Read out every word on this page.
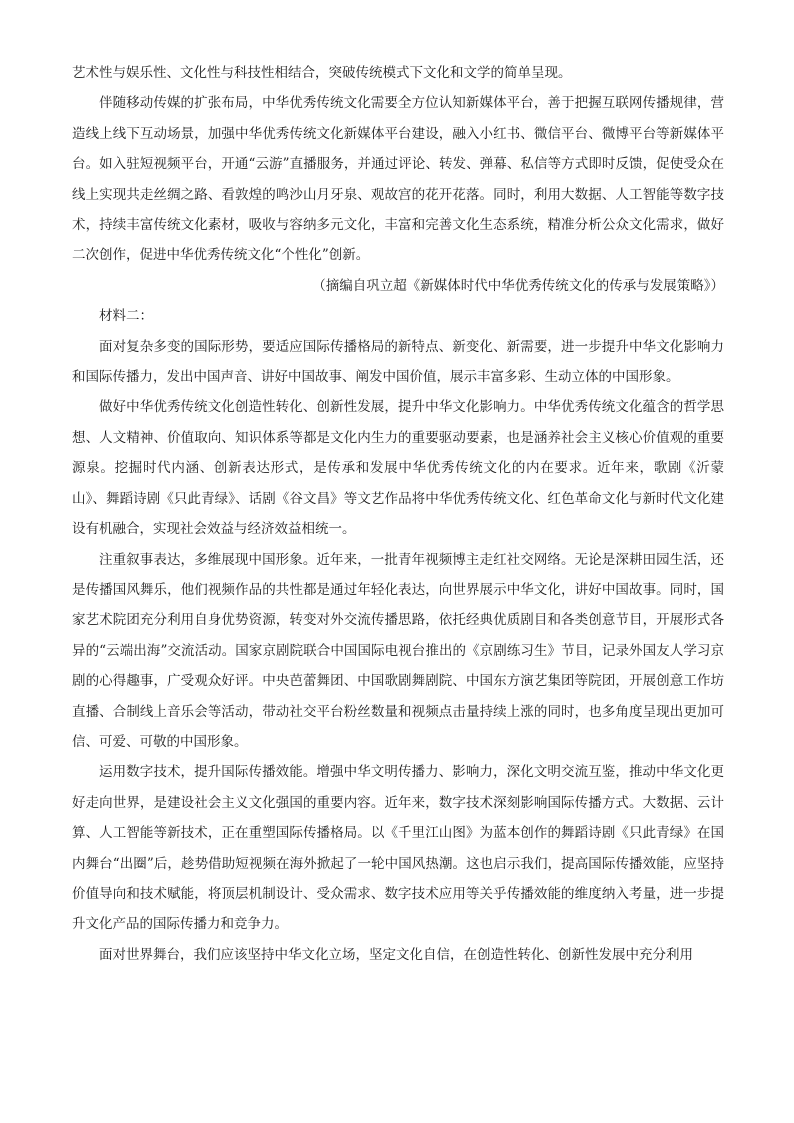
艺术性与娱乐性、文化性与科技性相结合，突破传统模式下文化和文学的简单呈现。

伴随移动传媒的扩张布局，中华优秀传统文化需要全方位认知新媒体平台，善于把握互联网传播规律，营造线上线下互动场景，加强中华优秀传统文化新媒体平台建设，融入小红书、微信平台、微博平台等新媒体平台。如入驻短视频平台，开通“云游”直播服务，并通过评论、转发、弹幕、私信等方式即时反馈，促使受众在线上实现共走丝绸之路、看敦煌的鸣沙山月牙泉、观故宫的花开花落。同时，利用大数据、人工智能等数字技术，持续丰富传统文化素材，吸收与容纳多元文化，丰富和完善文化生态系统，精准分析公众文化需求，做好二次创作，促进中华优秀传统文化“个性化”创新。

（摘编自巩立超《新媒体时代中华优秀传统文化的传承与发展策略》）

材料二：

面对复杂多变的国际形势，要适应国际传播格局的新特点、新变化、新需要，进一步提升中华文化影响力和国际传播力，发出中国声音、讲好中国故事、阐发中国价值，展示丰富多彩、生动立体的中国形象。

做好中华优秀传统文化创造性转化、创新性发展，提升中华文化影响力。中华优秀传统文化蕴含的哲学思想、人文精神、价值取向、知识体系等都是文化内生力的重要驱动要素，也是涵养社会主义核心价值观的重要源泉。挖掘时代内涵、创新表达形式，是传承和发展中华优秀传统文化的内在要求。近年来，歌剧《沂蒙山》、舞蹈诗剧《只此青绿》、话剧《谷文昌》等文艺作品将中华优秀传统文化、红色革命文化与新时代文化建设有机融合，实现社会效益与经济效益相统一。

注重叙事表达，多维展现中国形象。近年来，一批青年视频博主走红社交网络。无论是深耕田园生活，还是传播国风舞乐，他们视频作品的共性都是通过年轻化表达，向世界展示中华文化，讲好中国故事。同时，国家艺术院团充分利用自身优势资源，转变对外交流传播思路，依托经典优质剧目和各类创意节目，开展形式各异的“云端出海”交流活动。国家京剧院联合中国国际电视台推出的《京剧练习生》节目，记录外国友人学习京剧的心得趣事，广受观众好评。中央芭蕾舞团、中国歌剧舞剧院、中国东方演艺集团等院团，开展创意工作坊直播、合制线上音乐会等活动，带动社交平台粉丝数量和视频点击量持续上涨的同时，也多角度呈现出更加可信、可爱、可敬的中国形象。

运用数字技术，提升国际传播效能。增强中华文明传播力、影响力，深化文明交流互鉴，推动中华文化更好走向世界，是建设社会主义文化强国的重要内容。近年来，数字技术深刻影响国际传播方式。大数据、云计算、人工智能等新技术，正在重塑国际传播格局。以《千里江山图》为蓝本创作的舞蹈诗剧《只此青绿》在国内舞台“出圈”后，趁势借助短视频在海外掀起了一轮中国风热潮。这也启示我们，提高国际传播效能，应坚持价值导向和技术赋能，将顶层机制设计、受众需求、数字技术应用等关乎传播效能的维度纳入考量，进一步提升文化产品的国际传播力和竞争力。

面对世界舞台，我们应该坚持中华文化立场，坚定文化自信，在创造性转化、创新性发展中充分利用
